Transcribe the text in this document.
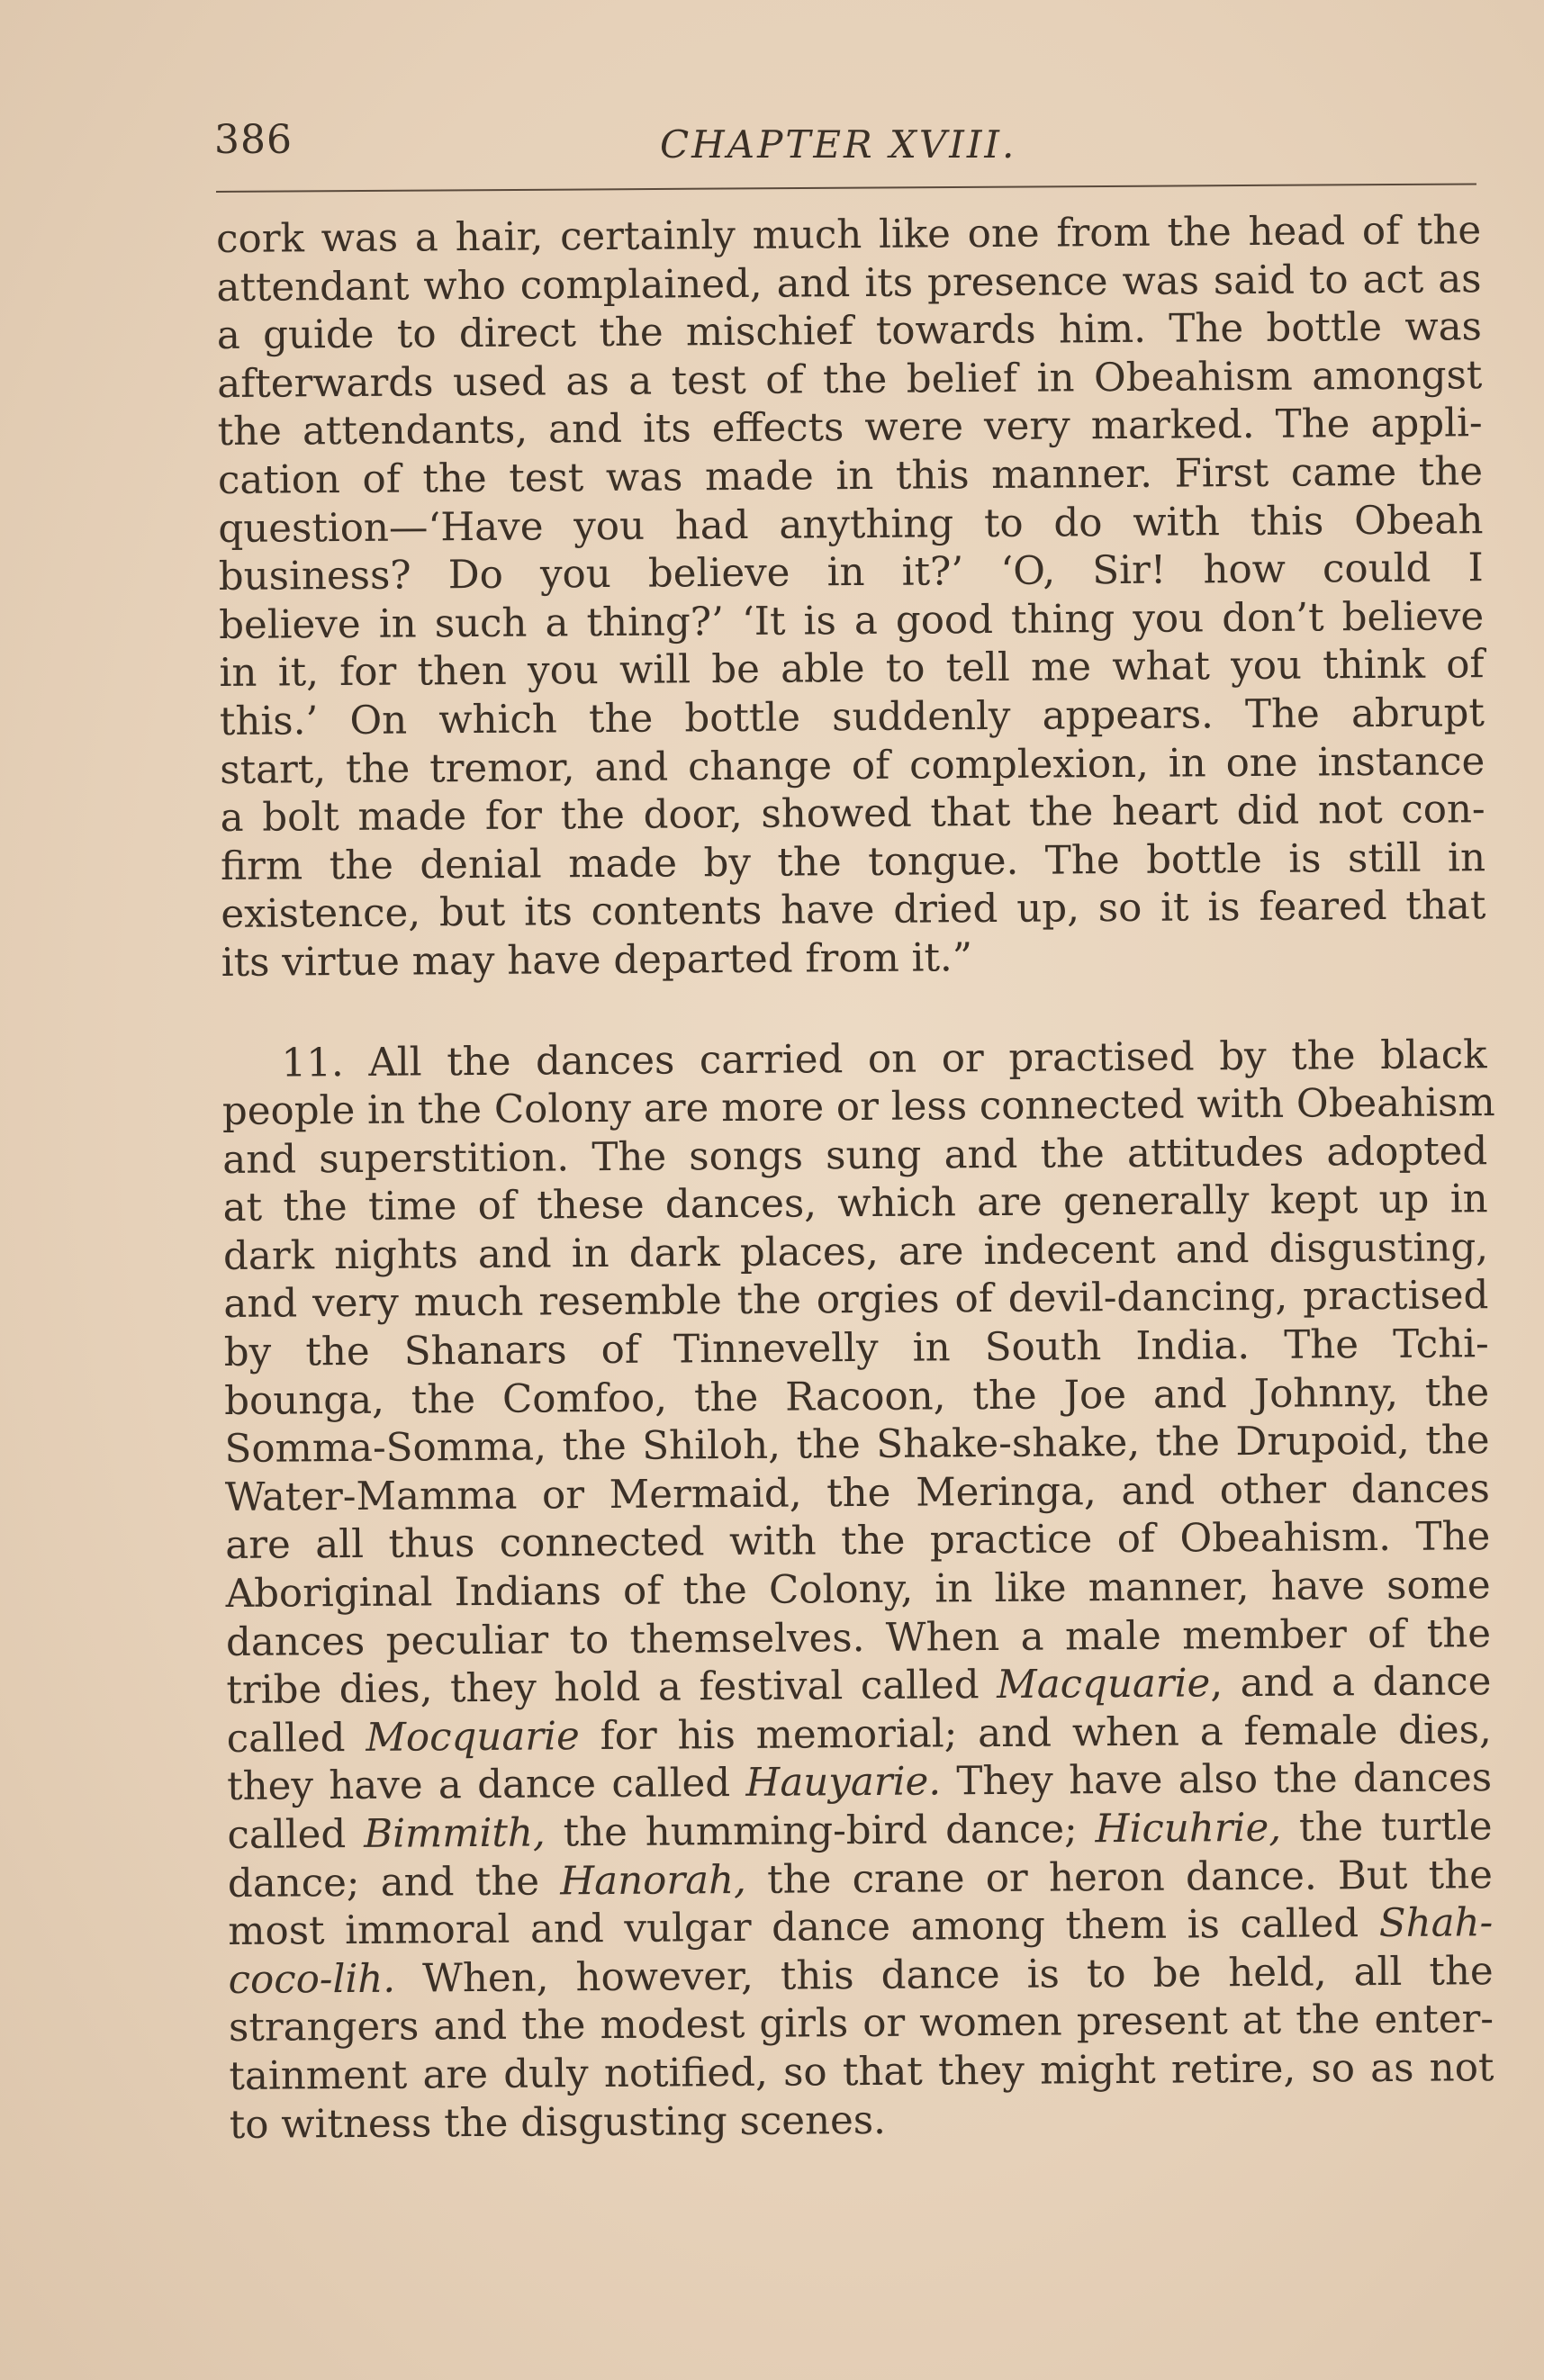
386	CHAPTER XVIII.
cork was a hair, certainly much like one from the head of the
attendant who complained, and its presence was said to act as
a guide to direct the mischief towards him. The bottle was
afterwards used as a test of the belief in Obeahism amongst
the attendants, and its effects were very marked. The appli-
cation of the test was made in this manner. First came the
question—‘Have you had anything to do with this Obeah
business? Do you believe in it?’ ‘O, Sir! how could I
believe in such a thing?’ ‘It is a good thing you don’t believe
in it, for then you will be able to tell me what you think of
this.’ On which the bottle suddenly appears. The abrupt
start, the tremor, and change of complexion, in one instance
a bolt made for the door, showed that the heart did not con-
firm the denial made by the tongue. The bottle is still in
existence, but its contents have dried up, so it is feared that
its virtue may have departed from it.”
11. All the dances carried on or practised by the black
people in the Colony are more or less connected with Obeahism
and superstition. The songs sung and the attitudes adopted
at the time of these dances, which are generally kept up in
dark nights and in dark places, are indecent and disgusting,
and very much resemble the orgies of devil-dancing, practised
by the Shanars of Tinnevelly in South India. The Tchi-
bounga, the Comfoo, the Racoon, the Joe and Johnny, the
Somma-Somma, the Shiloh, the Shake-shake, the Drupoid, the
Water-Mamma or Mermaid, the Meringa, and other dances
are all thus connected with the practice of Obeahism. The
Aboriginal Indians of the Colony, in like manner, have some
dances peculiar to themselves. When a male member of the
tribe dies, they hold a festival called Macquarie, and a dance
called Mocquarie for his memorial; and when a female dies,
they have a dance called Hauyarie. They have also the dances
called Bimmith, the humming-bird dance; Hicuhrie, the turtle
dance; and the Hanorah, the crane or heron dance. But the
most immoral and vulgar dance among them is called Shah-
coco-lih. When, however, this dance is to be held, all the
strangers and the modest girls or women present at the enter-
tainment are duly notified, so that they might retire, so as not
to witness the disgusting scenes.
